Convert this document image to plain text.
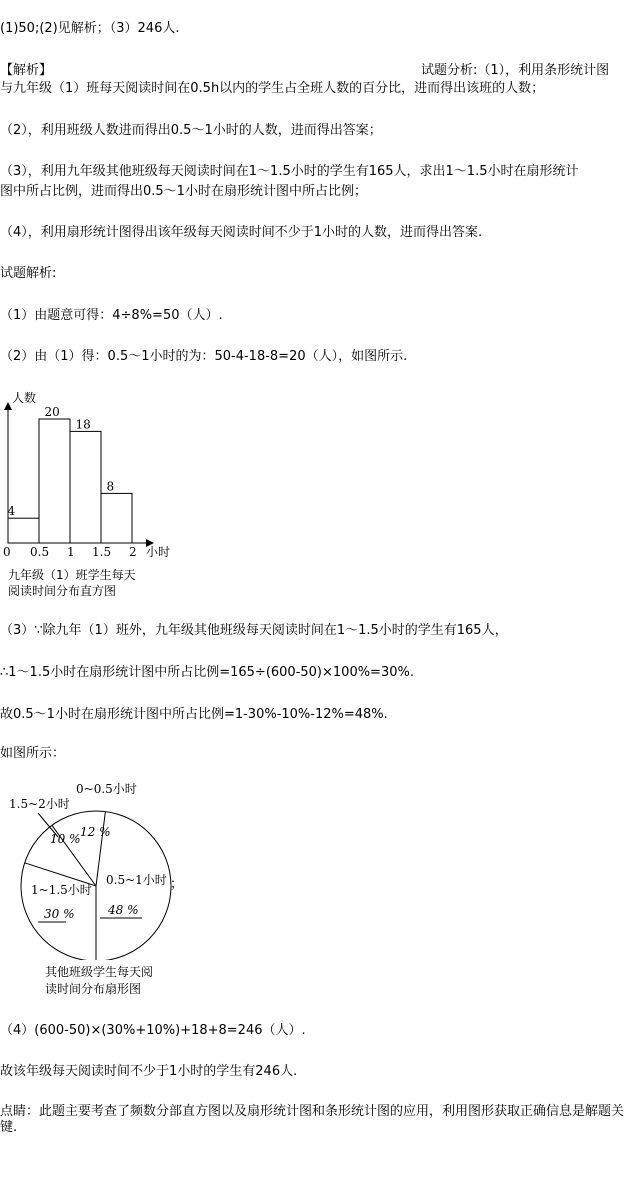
(1)50;(2)见解析；（3）246人.
【解析】	试题分析:（1），利用条形统计图
与九年级（1）班每天阅读时间在0.5h以内的学生占全班人数的百分比，进而得出该班的人数；
（2），利用班级人数进而得出0.5～1小时的人数，进而得出答案；
（3），利用九年级其他班级每天阅读时间在1～1.5小时的学生有165人，求出1～1.5小时在扇形统计
图中所占比例，进而得出0.5～1小时在扇形统计图中所占比例；
（4），利用扇形统计图得出该年级每天阅读时间不少于1小时的人数，进而得出答案.
试题解析:
（1）由题意可得：4÷8%=50（人）.
（2）由（1）得：0.5～1小时的为：50-4-18-8=20（人），如图所示.
人数
小时
0
4
20
18
8
0.5 1 1.5 2
九年级（1）班学生每天
阅读时间分布直方图
（3）∵除九年（1）班外，九年级其他班级每天阅读时间在1～1.5小时的学生有165人，
∴1～1.5小时在扇形统计图中所占比例=165÷(600-50)×100%=30%.
故0.5～1小时在扇形统计图中所占比例=1-30%-10%-12%=48%.
如图所示：
0~0.5小时
0.5~1小时
1~1.5小时
1.5~2小时
12 %
48 %
30 %
10 %
；
其他班级学生每天阅
读时间分布扇形图
（4）(600-50)×(30%+10%)+18+8=246（人）.
故该年级每天阅读时间不少于1小时的学生有246人.
点睛：此题主要考查了频数分部直方图以及扇形统计图和条形统计图的应用，利用图形获取正确信息是解题关键.
